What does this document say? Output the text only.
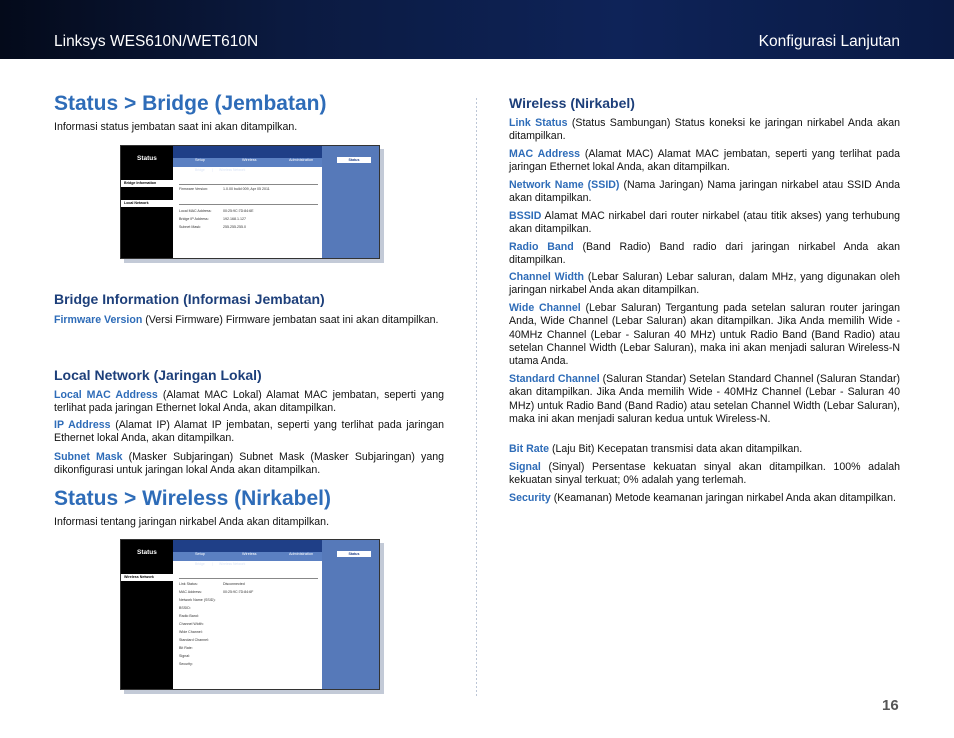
Linksys WES610N/WET610N	Konfigurasi Lanjutan
Status > Bridge (Jembatan)
Informasi status jembatan saat ini akan ditampilkan.
Status	Setup	Wireless	Administration	Status
Bridge | Wireless Network
Bridge Information
Local Network
Firmware Version:	1.0.00 build 009, Apr 05 2011
Local MAC Address:	00:25:9C:7D:84:6E
Bridge IP Address:	192.168.1.127
Subnet Mask:	255.255.255.0
Bridge Information (Informasi Jembatan)
Firmware Version (Versi Firmware) Firmware jembatan saat ini akan ditampilkan.
Local Network (Jaringan Lokal)
Local MAC Address (Alamat MAC Lokal) Alamat MAC jembatan, seperti yang terlihat pada jaringan Ethernet lokal Anda, akan ditampilkan.
IP Address (Alamat IP) Alamat IP jembatan, seperti yang terlihat pada jaringan Ethernet lokal Anda, akan ditampilkan.
Subnet Mask (Masker Subjaringan) Subnet Mask (Masker Subjaringan) yang dikonfigurasi untuk jaringan lokal Anda akan ditampilkan.
Status > Wireless (Nirkabel)
Informasi tentang jaringan nirkabel Anda akan ditampilkan.
Status	Setup	Wireless	Administration	Status
Bridge | Wireless Network
Wireless Network
Link Status:	Disconnected
MAC Address:	00:25:9C:7D:84:6F
Network Name (SSID):
BSSID:
Radio Band:
Channel Width:
Wide Channel:
Standard Channel:
Bit Rate:
Signal:
Security:
Wireless (Nirkabel)
Link Status (Status Sambungan) Status koneksi ke jaringan nirkabel Anda akan ditampilkan.
MAC Address (Alamat MAC) Alamat MAC jembatan, seperti yang terlihat pada jaringan Ethernet lokal Anda, akan ditampilkan.
Network Name (SSID) (Nama Jaringan) Nama jaringan nirkabel atau SSID Anda akan ditampilkan.
BSSID Alamat MAC nirkabel dari router nirkabel (atau titik akses) yang terhubung akan ditampilkan.
Radio Band (Band Radio) Band radio dari jaringan nirkabel Anda akan ditampilkan.
Channel Width (Lebar Saluran) Lebar saluran, dalam MHz, yang digunakan oleh jaringan nirkabel Anda akan ditampilkan.
Wide Channel (Lebar Saluran) Tergantung pada setelan saluran router jaringan Anda, Wide Channel (Lebar Saluran) akan ditampilkan. Jika Anda memilih Wide - 40MHz Channel (Lebar - Saluran 40 MHz) untuk Radio Band (Band Radio) atau setelan Channel Width (Lebar Saluran), maka ini akan menjadi saluran Wireless-N utama Anda.
Standard Channel (Saluran Standar) Setelan Standard Channel (Saluran Standar) akan ditampilkan. Jika Anda memilih Wide - 40MHz Channel (Lebar - Saluran 40 MHz) untuk Radio Band (Band Radio) atau setelan Channel Width (Lebar Saluran), maka ini akan menjadi saluran kedua untuk Wireless-N.
Bit Rate (Laju Bit) Kecepatan transmisi data akan ditampilkan.
Signal (Sinyal) Persentase kekuatan sinyal akan ditampilkan. 100% adalah kekuatan sinyal terkuat; 0% adalah yang terlemah.
Security (Keamanan) Metode keamanan jaringan nirkabel Anda akan ditampilkan.
16
